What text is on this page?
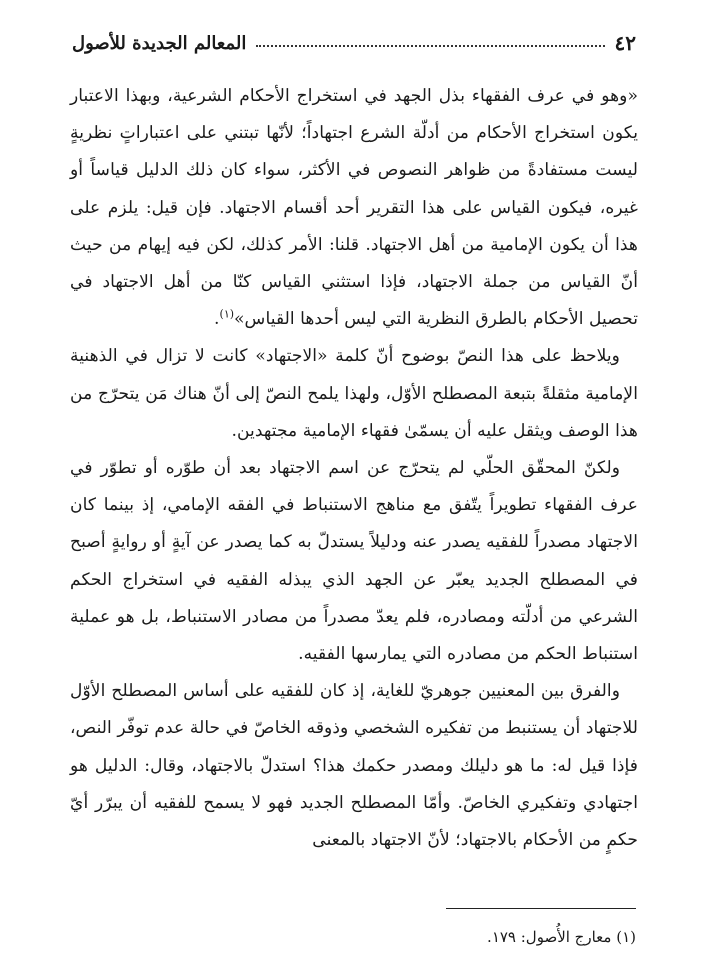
٤٢
المعالم الجديدة للأصول

«وهو في عرف الفقهاء بذل الجهد في استخراج الأحكام الشرعية، وبهذا الاعتبار يكون استخراج الأحكام من أدلّة الشرع اجتهاداً؛ لأنّها تبتني على اعتباراتٍ نظريةٍ ليست مستفادةً من ظواهر النصوص في الأكثر، سواء كان ذلك الدليل قياساً أو غيره، فيكون القياس على هذا التقرير أحد أقسام الاجتهاد. فإن قيل: يلزم على هذا أن يكون الإمامية من أهل الاجتهاد. قلنا: الأمر كذلك، لكن فيه إيهام من حيث أنّ القياس من جملة الاجتهاد، فإذا استثني القياس كنّا من أهل الاجتهاد في تحصيل الأحكام بالطرق النظرية التي ليس أحدها القياس»$^{(١)}$.

ويلاحظ على هذا النصّ بوضوح أنّ كلمة «الاجتهاد» كانت لا تزال في الذهنية الإمامية مثقلةً بتبعة المصطلح الأوّل، ولهذا يلمح النصّ إلى أنّ هناك مَن يتحرّج من هذا الوصف ويثقل عليه أن يسمّىٰ فقهاء الإمامية مجتهدين.

ولكنّ المحقّق الحلّي لم يتحرّج عن اسم الاجتهاد بعد أن طوّره أو تطوّر في عرف الفقهاء تطويراً يتّفق مع مناهج الاستنباط في الفقه الإمامي، إذ بينما كان الاجتهاد مصدراً للفقيه يصدر عنه ودليلاً يستدلّ به كما يصدر عن آيةٍ أو روايةٍ أصبح في المصطلح الجديد يعبّر عن الجهد الذي يبذله الفقيه في استخراج الحكم الشرعي من أدلّته ومصادره، فلم يعدّ مصدراً من مصادر الاستنباط، بل هو عملية استنباط الحكم من مصادره التي يمارسها الفقيه.

والفرق بين المعنيين جوهريّ للغاية، إذ كان للفقيه على أساس المصطلح الأوّل للاجتهاد أن يستنبط من تفكيره الشخصي وذوقه الخاصّ في حالة عدم توفّر النص، فإذا قيل له: ما هو دليلك ومصدر حكمك هذا؟ استدلّ بالاجتهاد، وقال: الدليل هو اجتهادي وتفكيري الخاصّ. وأمّا المصطلح الجديد فهو لا يسمح للفقيه أن يبرّر أيّ حكمٍ من الأحكام بالاجتهاد؛ لأنّ الاجتهاد بالمعنى

(١) معارج الأُصول: ١٧٩.
